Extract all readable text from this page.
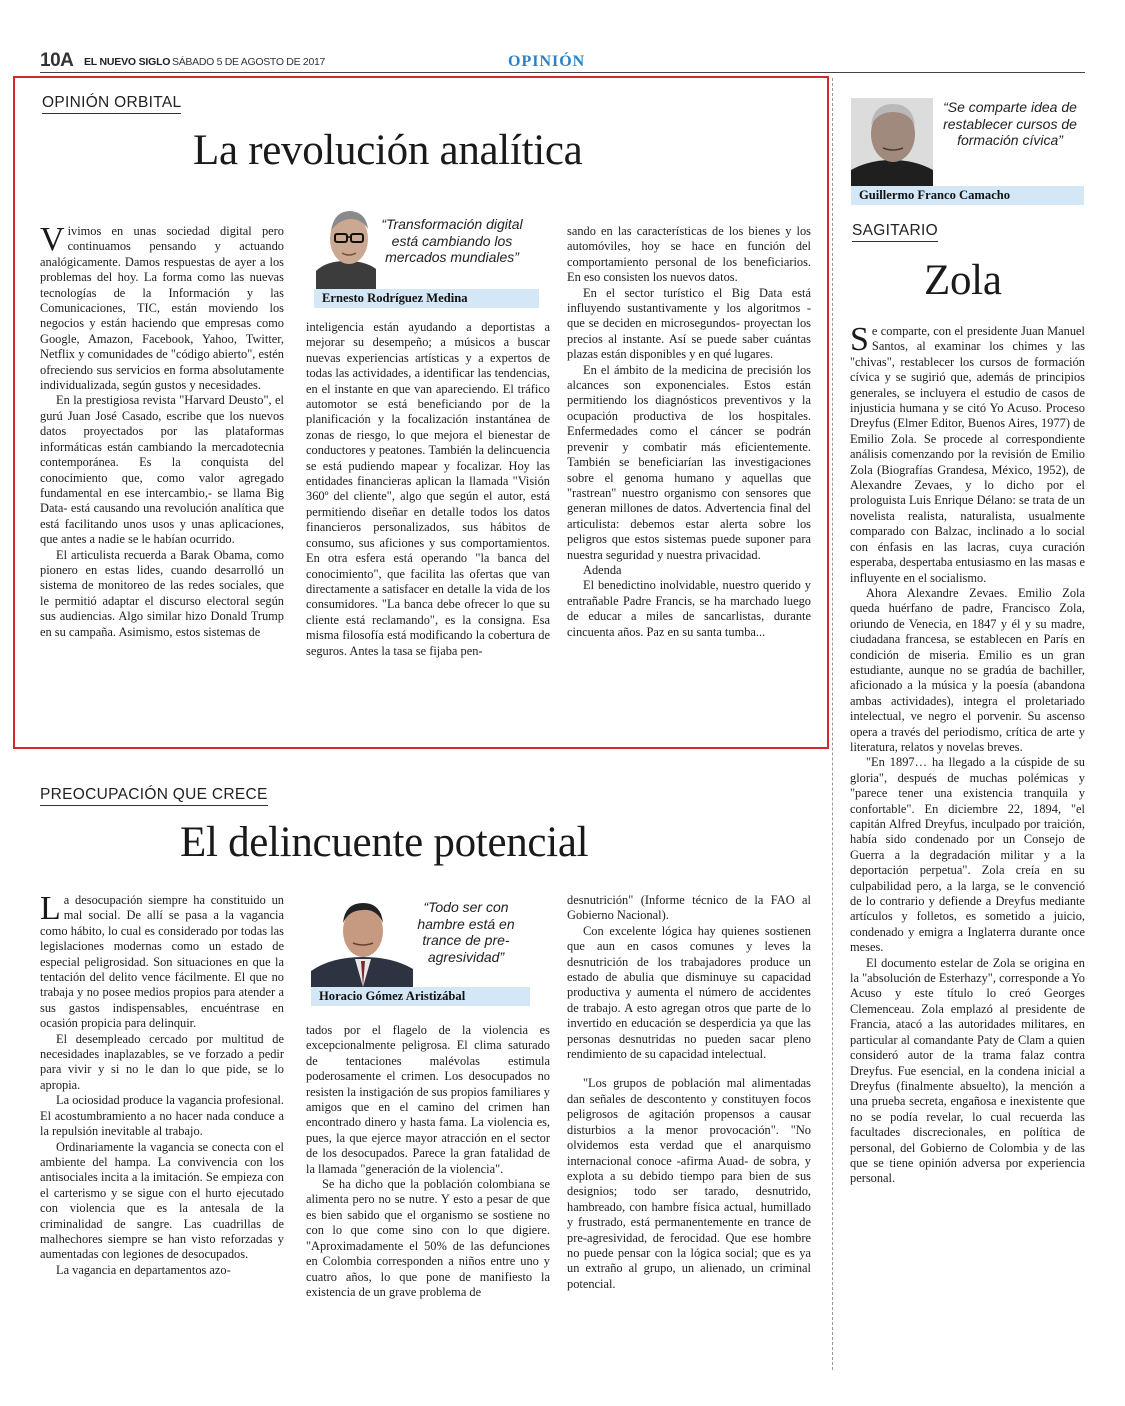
10A EL NUEVO SIGLO SÁBADO 5 DE AGOSTO DE 2017	OPINIÓN
OPINIÓN ORBITAL
La revolución analítica

Vivimos en unas sociedad digital pero continuamos pensando y actuando analógicamente. Damos respuestas de ayer a los problemas del hoy. La forma como las nuevas tecnologías de la Información y las Comunicaciones, TIC, están moviendo los negocios y están haciendo que empresas como Google, Amazon, Facebook, Yahoo, Twitter, Netflix y comunidades de "código abierto", estén ofreciendo sus servicios en forma absolutamente individualizada, según gustos y necesidades.

En la prestigiosa revista "Harvard Deusto", el gurú Juan José Casado, escribe que los nuevos datos proyectados por las plataformas informáticas están cambiando la mercadotecnia contemporánea. Es la conquista del conocimiento que, como valor agregado fundamental en ese intercambio,- se llama Big Data- está causando una revolución analítica que está facilitando unos usos y unas aplicaciones, que antes a nadie se le habían ocurrido.

El articulista recuerda a Barak Obama, como pionero en estas lides, cuando desarrolló un sistema de monitoreo de las redes sociales, que le permitió adaptar el discurso electoral según sus audiencias. Algo similar hizo Donald Trump en su campaña. Asimismo, estos sistemas de

“Transformación digital está cambiando los mercados mundiales”
Ernesto Rodríguez Medina

inteligencia están ayudando a deportistas a mejorar su desempeño; a músicos a buscar nuevas experiencias artísticas y a expertos de todas las actividades, a identificar las tendencias, en el instante en que van apareciendo. El tráfico automotor se está beneficiando por de la planificación y la focalización instantánea de zonas de riesgo, lo que mejora el bienestar de conductores y peatones. También la delincuencia se está pudiendo mapear y focalizar. Hoy las entidades financieras aplican la llamada "Visión 360º del cliente", algo que según el autor, está permitiendo diseñar en detalle todos los datos financieros personalizados, sus hábitos de consumo, sus aficiones y sus comportamientos. En otra esfera está operando "la banca del conocimiento", que facilita las ofertas que van directamente a satisfacer en detalle la vida de los consumidores. "La banca debe ofrecer lo que su cliente está reclamando", es la consigna. Esa misma filosofía está modificando la cobertura de seguros. Antes la tasa se fijaba pen-

sando en las características de los bienes y los automóviles, hoy se hace en función del comportamiento personal de los beneficiarios. En eso consisten los nuevos datos.

En el sector turístico el Big Data está influyendo sustantivamente y los algoritmos -que se deciden en microsegundos- proyectan los precios al instante. Así se puede saber cuántas plazas están disponibles y en qué lugares.

En el ámbito de la medicina de precisión los alcances son exponenciales. Estos están permitiendo los diagnósticos preventivos y la ocupación productiva de los hospitales. Enfermedades como el cáncer se podrán prevenir y combatir más eficientemente. También se beneficiarían las investigaciones sobre el genoma humano y aquellas que "rastrean" nuestro organismo con sensores que generan millones de datos. Advertencia final del articulista: debemos estar alerta sobre los peligros que estos sistemas puede suponer para nuestra seguridad y nuestra privacidad.

Adenda

El benedictino inolvidable, nuestro querido y entrañable Padre Francis, se ha marchado luego de educar a miles de sancarlistas, durante cincuenta años. Paz en su santa tumba...

PREOCUPACIÓN QUE CRECE
El delincuente potencial

La desocupación siempre ha constituido un mal social. De allí se pasa a la vagancia como hábito, lo cual es considerado por todas las legislaciones modernas como un estado de especial peligrosidad. Son situaciones en que la tentación del delito vence fácilmente. El que no trabaja y no posee medios propios para atender a sus gastos indispensables, encuéntrase en ocasión propicia para delinquir.

El desempleado cercado por multitud de necesidades inaplazables, se ve forzado a pedir para vivir y si no le dan lo que pide, se lo apropia.

La ociosidad produce la vagancia profesional. El acostumbramiento a no hacer nada conduce a la repulsión inevitable al trabajo.

Ordinariamente la vagancia se conecta con el ambiente del hampa. La convivencia con los antisociales incita a la imitación. Se empieza con el carterismo y se sigue con el hurto ejecutado con violencia que es la antesala de la criminalidad de sangre. Las cuadrillas de malhechores siempre se han visto reforzadas y aumentadas con legiones de desocupados.

La vagancia en departamentos azo-

“Todo ser con hambre está en trance de pre-agresividad”
Horacio Gómez Aristizábal

tados por el flagelo de la violencia es excepcionalmente peligrosa. El clima saturado de tentaciones malévolas estimula poderosamente el crimen. Los desocupados no resisten la instigación de sus propios familiares y amigos que en el camino del crimen han encontrado dinero y hasta fama. La violencia es, pues, la que ejerce mayor atracción en el sector de los desocupados. Parece la gran fatalidad de la llamada "generación de la violencia".

Se ha dicho que la población colombiana se alimenta pero no se nutre. Y esto a pesar de que es bien sabido que el organismo se sostiene no con lo que come sino con lo que digiere. "Aproximadamente el 50% de las defunciones en Colombia corresponden a niños entre uno y cuatro años, lo que pone de manifiesto la existencia de un grave problema de

desnutrición" (Informe técnico de la FAO al Gobierno Nacional).

Con excelente lógica hay quienes sostienen que aun en casos comunes y leves la desnutrición de los trabajadores produce un estado de abulia que disminuye su capacidad productiva y aumenta el número de accidentes de trabajo. A esto agregan otros que parte de lo invertido en educación se desperdicia ya que las personas desnutridas no pueden sacar pleno rendimiento de su capacidad intelectual.

"Los grupos de población mal alimentadas dan señales de descontento y constituyen focos peligrosos de agitación propensos a causar disturbios a la menor provocación". "No olvidemos esta verdad que el anarquismo internacional conoce -afirma Auad- de sobra, y explota a su debido tiempo para bien de sus designios; todo ser tarado, desnutrido, hambreado, con hambre física actual, humillado y frustrado, está permanentemente en trance de pre-agresividad, de ferocidad. Que ese hombre no puede pensar con la lógica social; que es ya un extraño al grupo, un alienado, un criminal potencial.

“Se comparte idea de restablecer cursos de formación cívica”
Guillermo Franco Camacho
SAGITARIO
Zola

Se comparte, con el presidente Juan Manuel Santos, al examinar los chimes y las "chivas", restablecer los cursos de formación cívica y se sugirió que, además de principios generales, se incluyera el estudio de casos de injusticia humana y se citó Yo Acuso. Proceso Dreyfus (Elmer Editor, Buenos Aires, 1977) de Emilio Zola. Se procede al correspondiente análisis comenzando por la revisión de Emilio Zola (Biografías Grandesa, México, 1952), de Alexandre Zevaes, y lo dicho por el prologuista Luis Enrique Délano: se trata de un novelista realista, naturalista, usualmente comparado con Balzac, inclinado a lo social con énfasis en las lacras, cuya curación esperaba, despertaba entusiasmo en las masas e influyente en el socialismo.

Ahora Alexandre Zevaes. Emilio Zola queda huérfano de padre, Francisco Zola, oriundo de Venecia, en 1847 y él y su madre, ciudadana francesa, se establecen en París en condición de miseria. Emilio es un gran estudiante, aunque no se gradúa de bachiller, aficionado a la música y la poesía (abandona ambas actividades), integra el proletariado intelectual, ve negro el porvenir. Su ascenso opera a través del periodismo, crítica de arte y literatura, relatos y novelas breves.

"En 1897… ha llegado a la cúspide de su gloria", después de muchas polémicas y "parece tener una existencia tranquila y confortable". En diciembre 22, 1894, "el capitán Alfred Dreyfus, inculpado por traición, había sido condenado por un Consejo de Guerra a la degradación militar y a la deportación perpetua". Zola creía en su culpabilidad pero, a la larga, se le convenció de lo contrario y defiende a Dreyfus mediante artículos y folletos, es sometido a juicio, condenado y emigra a Inglaterra durante once meses.

El documento estelar de Zola se origina en la "absolución de Esterhazy", corresponde a Yo Acuso y este título lo creó Georges Clemenceau. Zola emplazó al presidente de Francia, atacó a las autoridades militares, en particular al comandante Paty de Clam a quien consideró autor de la trama falaz contra Dreyfus. Fue esencial, en la condena inicial a Dreyfus (finalmente absuelto), la mención a una prueba secreta, engañosa e inexistente que no se podía revelar, lo cual recuerda las facultades discrecionales, en política de personal, del Gobierno de Colombia y de las que se tiene opinión adversa por experiencia personal.
